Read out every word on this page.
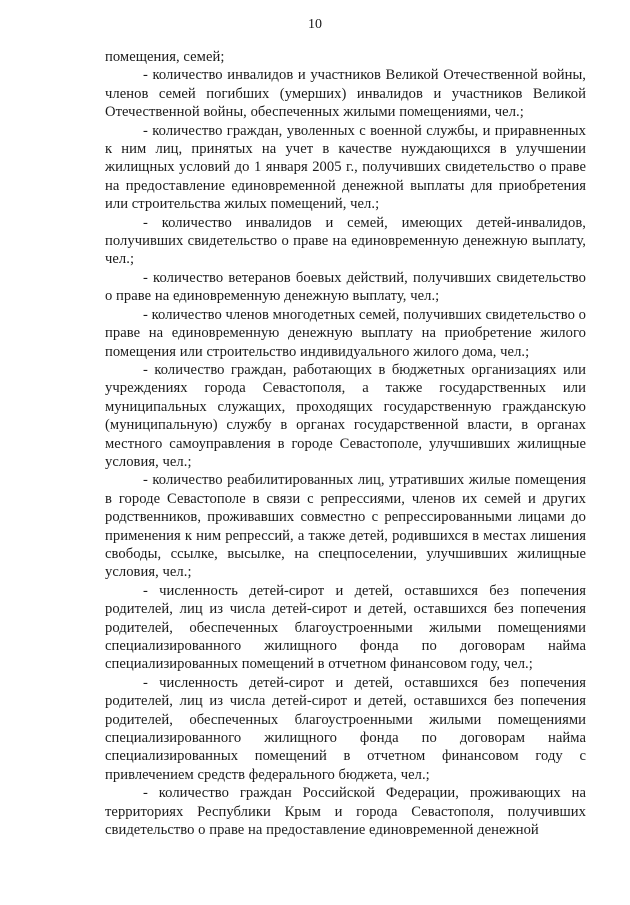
10

помещения, семей;

- количество инвалидов и участников Великой Отечественной войны, членов семей погибших (умерших) инвалидов и участников Великой Отечественной войны, обеспеченных жилыми помещениями, чел.;

- количество граждан, уволенных с военной службы, и приравненных к ним лиц, принятых на учет в качестве нуждающихся в улучшении жилищных условий до 1 января 2005 г., получивших свидетельство о праве на предоставление единовременной денежной выплаты для приобретения или строительства жилых помещений, чел.;

- количество инвалидов и семей, имеющих детей-инвалидов, получивших свидетельство о праве на единовременную денежную выплату, чел.;

- количество ветеранов боевых действий, получивших свидетельство о праве на единовременную денежную выплату, чел.;

- количество членов многодетных семей, получивших свидетельство о праве на единовременную денежную выплату на приобретение жилого помещения или строительство индивидуального жилого дома, чел.;

- количество граждан, работающих в бюджетных организациях или учреждениях города Севастополя, а также государственных или муниципальных служащих, проходящих государственную гражданскую (муниципальную) службу в органах государственной власти, в органах местного самоуправления в городе Севастополе, улучшивших жилищные условия, чел.;

- количество реабилитированных лиц, утративших жилые помещения в городе Севастополе в связи с репрессиями, членов их семей и других родственников, проживавших совместно с репрессированными лицами до применения к ним репрессий, а также детей, родившихся в местах лишения свободы, ссылке, высылке, на спецпоселении, улучшивших жилищные условия, чел.;

- численность детей-сирот и детей, оставшихся без попечения родителей, лиц из числа детей-сирот и детей, оставшихся без попечения родителей, обеспеченных благоустроенными жилыми помещениями специализированного жилищного фонда по договорам найма специализированных помещений в отчетном финансовом году, чел.;

- численность детей-сирот и детей, оставшихся без попечения родителей, лиц из числа детей-сирот и детей, оставшихся без попечения родителей, обеспеченных благоустроенными жилыми помещениями специализированного жилищного фонда по договорам найма специализированных помещений в отчетном финансовом году с привлечением средств федерального бюджета, чел.;

- количество граждан Российской Федерации, проживающих на территориях Республики Крым и города Севастополя, получивших свидетельство о праве на предоставление единовременной денежной
